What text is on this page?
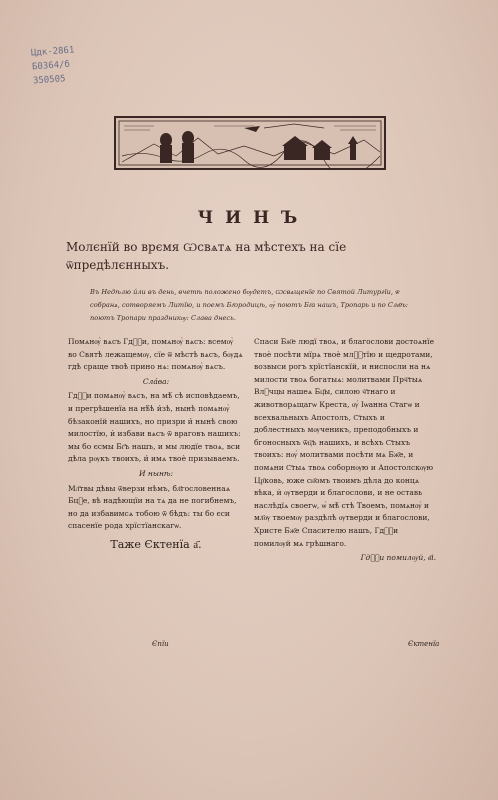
Цдк-2861
Б0364/б
350505
Ч И Н Ъ
Молєнїй во врємя Ѡсвѧтѧ на мѣстехъ на сїе ѿпредѣлєнныхъ.
Въ Недѣлю и́ли въ день, вчетѣ положено бѹдетъ, Ѡсвѧщенїе по Святой Литургїи, ѿ собранѧ, сотворяемъ Литїю, и поемъ Бг҃ородицѣ, ѹ́ поютъ Бг҃а нашъ, Тропарь и по Слв҃ѣ: поютъ Тропари праздникѹ: Слава днесь.

Помѧнѹ̀ вѧсъ Гдⷭ҇и, помѧнѹ̀ вѧсъ: всемѹ̀ во Святѣ лежащемѹ, сїе ѿ мѣстѣ вѧсъ, бѹдѧ гдѣ сраще твоѣ прино нѧ: помѧнѹ̀ вѧсъ.

Сла́ва:

Гдⷭ҇и помѧнѹ̀ вѧсъ, на мѣ́ сѣ исповѣдаемъ, и прегрѣшенїа на нѣ́ѣ и́зѣ, нынѣ помѧнѹ̀ бѣзаконїй нашихъ, но призри и́ нынѣ свою милостїю, и̇ избави вѧсъ ѿ враговъ нашихъ: мы бо єсмы Бг҃ъ нашъ, и мы людїе твоѧ, вси дѣла рѹкъ твоихъ, и́ имѧ твоѐ призываемъ.

И нынѣ:

Мл҃твы дѣвы ѿверзи нѣмъ, бл҃гословеннаѧ Бцⷣе, вѣ надѣющїи на тѧ да не погибнемъ, но да избавимсѧ тобою ѿ бѣдъ: ты бо єси спасенїе рода хрїстїанскагѡ.

Таже Єктенїа а҃.

Спаси Бж҃е людї твоѧ, и благослови достоѧнїе твоѐ посѣти мїрѧ твоѐ млⷭ҇тїю и щедротами, возвыси рогъ хрїстїанскїй, и ниспосли на нѧ милости твоѧ богатыѧ: молитвами Прч҇тыѧ Влⷣчцы нашеѧ Бц҃ы, силою ч҇тнаго и животворѧщагѡ Креста, ѹ́ Іѡанна С҇тагѡ и всехвальныхъ Апостолъ, С҇тыхъ и доблестныхъ мѹченикъ, преподобныхъ и бгоносныхъ ѿц҇ъ нашихъ, и всѣхъ С҇тыхъ твоихъ: нѹ́ молитвами посѣти мѧ Бж҃е, и помѧни С҇тыѧ твоѧ соборнѹю и Апостолскѹю Цр҃ковь, юже сн҃омъ твоимъ дѣла до концѧ вѣка, и̇ ѹтверди и благослови, и не оставь наслѣдїѧ своегѡ, ѡ́ мѣ́ стѣ Твоемъ, помѧнѹ̀ и мл҃ѹ твоемѹ раздѣлѣ ѹтверди и благослови, Христе Бж҃е Спасителю нашъ, Гдⷭ҇и помилѹй мѧ грѣшнаго.

Гдⷭ҇и помилѹй, в҃і.
Єпїи	Єктенїа
